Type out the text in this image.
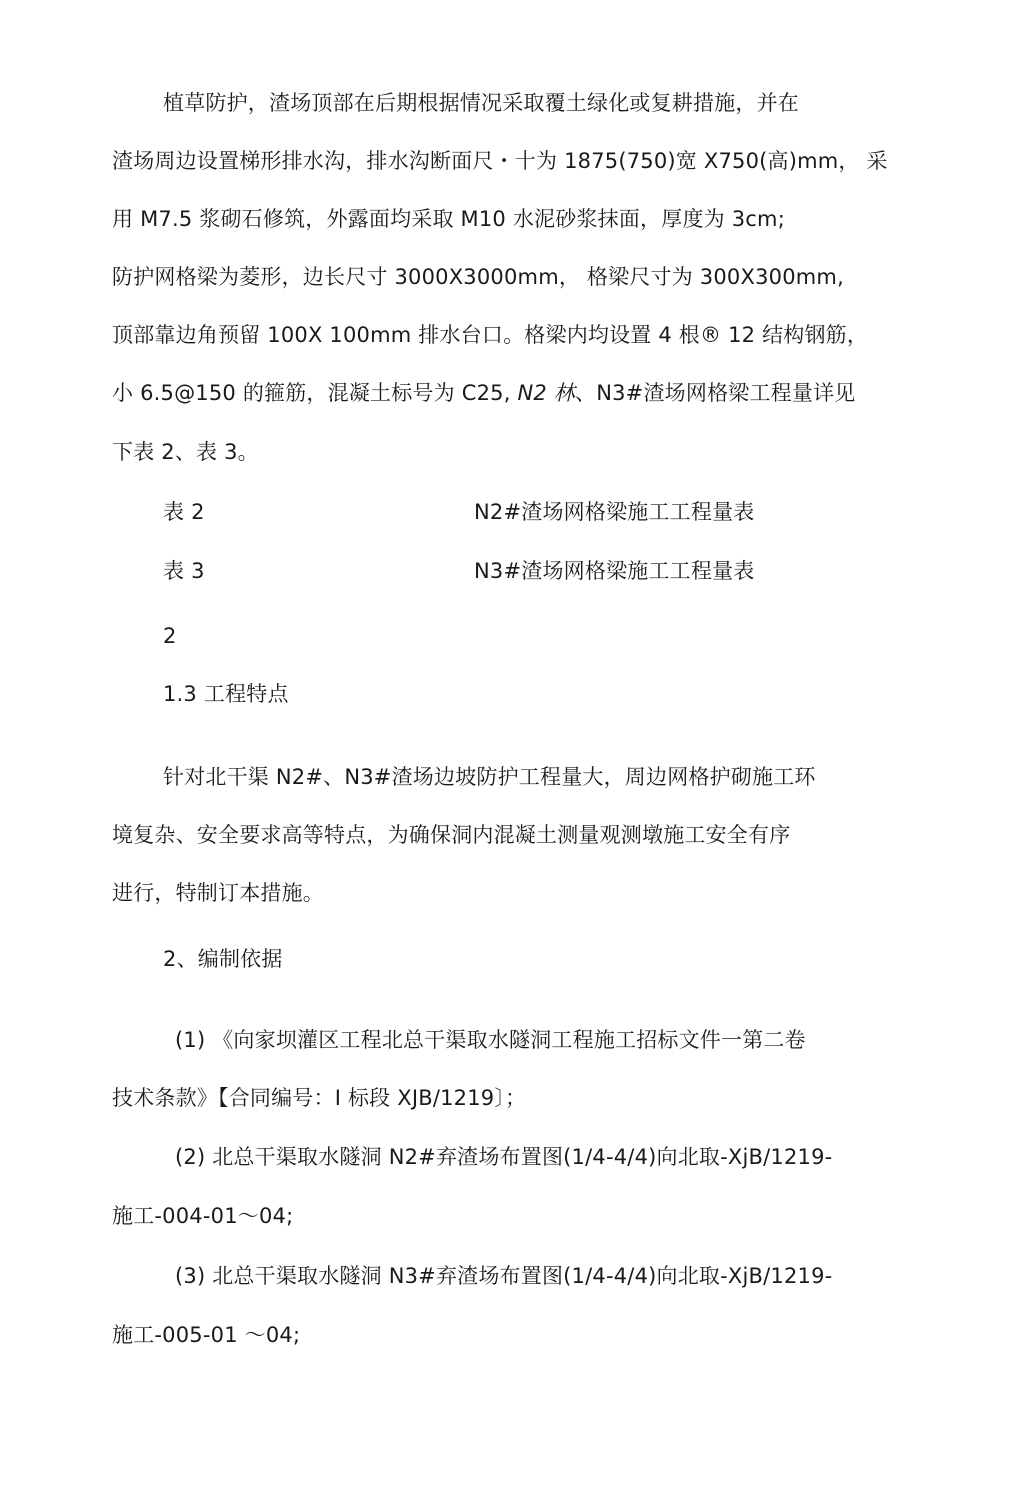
植草防护，渣场顶部在后期根据情况采取覆土绿化或复耕措施，并在
渣场周边设置梯形排水沟，排水沟断面尺・十为 1875(750)宽 X750(高)mm， 采
用 M7.5 浆砌石修筑，外露面均采取 M10 水泥砂浆抹面，厚度为 3cm;
防护网格梁为菱形，边长尺寸 3000X3000mm， 格梁尺寸为 300X300mm,
顶部靠边角预留 100X 100mm 排水台口。格梁内均设置 4 根® 12 结构钢筋，
小 6.5@150 的箍筋，混凝土标号为 C25, N2 林、N3#渣场网格梁工程量详见
下表 2、表 3。
表 2	N2#渣场网格梁施工工程量表
表 3	N3#渣场网格梁施工工程量表
2
1.3 工程特点
针对北干渠 N2#、N3#渣场边坡防护工程量大，周边网格护砌施工环
境复杂、安全要求高等特点，为确保洞内混凝土测量观测墩施工安全有序
进行，特制订本措施。
2、编制依据
(1) 《向家坝灌区工程北总干渠取水隧洞工程施工招标文件一第二卷
技术条款》【合同编号：I 标段 XJB/1219〕；
(2) 北总干渠取水隧洞 N2#弃渣场布置图(1/4-4/4)向北取-XjB/1219-
施工-004-01～04;
(3) 北总干渠取水隧洞 N3#弃渣场布置图(1/4-4/4)向北取-XjB/1219-
施工-005-01 ～04;
